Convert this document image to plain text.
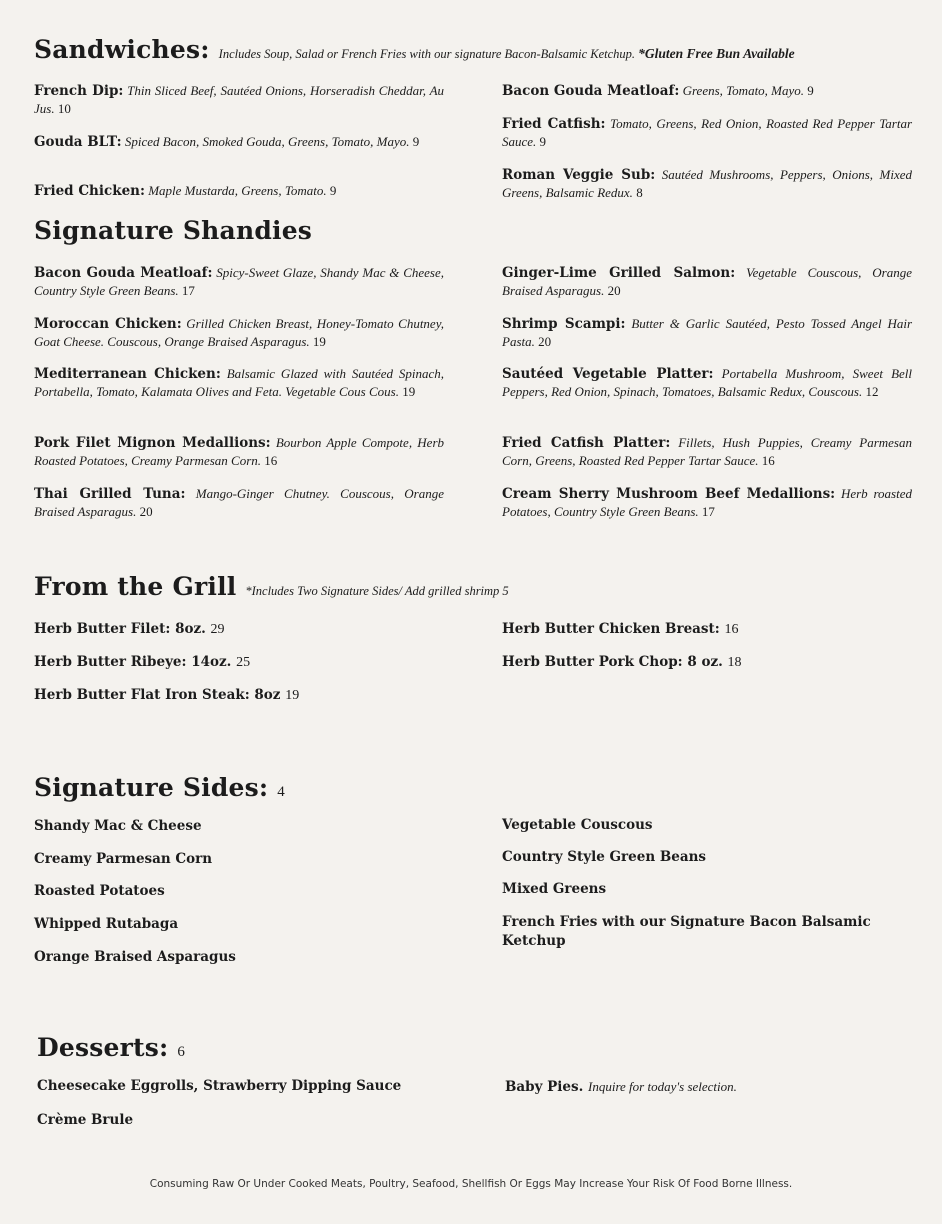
Sandwiches: Includes Soup, Salad or French Fries with our signature Bacon-Balsamic Ketchup. *Gluten Free Bun Available
French Dip: Thin Sliced Beef, Sautéed Onions, Horseradish Cheddar, Au Jus. 10
Gouda BLT: Spiced Bacon, Smoked Gouda, Greens, Tomato, Mayo. 9
Fried Chicken: Maple Mustarda, Greens, Tomato. 9
Bacon Gouda Meatloaf: Greens, Tomato, Mayo. 9
Fried Catfish: Tomato, Greens, Red Onion, Roasted Red Pepper Tartar Sauce. 9
Roman Veggie Sub: Sautéed Mushrooms, Peppers, Onions, Mixed Greens, Balsamic Redux. 8
Signature Shandies
Bacon Gouda Meatloaf: Spicy-Sweet Glaze, Shandy Mac & Cheese, Country Style Green Beans. 17
Moroccan Chicken: Grilled Chicken Breast, Honey-Tomato Chutney, Goat Cheese. Couscous, Orange Braised Asparagus. 19
Mediterranean Chicken: Balsamic Glazed with Sautéed Spinach, Portabella, Tomato, Kalamata Olives and Feta. Vegetable Cous Cous. 19
Pork Filet Mignon Medallions: Bourbon Apple Compote, Herb Roasted Potatoes, Creamy Parmesan Corn. 16
Thai Grilled Tuna: Mango-Ginger Chutney. Couscous, Orange Braised Asparagus. 20
Ginger-Lime Grilled Salmon: Vegetable Couscous, Orange Braised Asparagus. 20
Shrimp Scampi: Butter & Garlic Sautéed, Pesto Tossed Angel Hair Pasta. 20
Sautéed Vegetable Platter: Portabella Mushroom, Sweet Bell Peppers, Red Onion, Spinach, Tomatoes, Balsamic Redux, Couscous. 12
Fried Catfish Platter: Fillets, Hush Puppies, Creamy Parmesan Corn, Greens, Roasted Red Pepper Tartar Sauce. 16
Cream Sherry Mushroom Beef Medallions: Herb roasted Potatoes, Country Style Green Beans. 17
From the Grill *Includes Two Signature Sides/ Add grilled shrimp 5
Herb Butter Filet: 8oz. 29
Herb Butter Ribeye: 14oz. 25
Herb Butter Flat Iron Steak: 8oz 19
Herb Butter Chicken Breast: 16
Herb Butter Pork Chop: 8 oz. 18
Signature Sides: 4
Shandy Mac & Cheese
Creamy Parmesan Corn
Roasted Potatoes
Whipped Rutabaga
Orange Braised Asparagus
Vegetable Couscous
Country Style Green Beans
Mixed Greens
French Fries with our Signature Bacon Balsamic Ketchup
Desserts: 6
Cheesecake Eggrolls, Strawberry Dipping Sauce
Crème Brule
Baby Pies. Inquire for today's selection.
Consuming Raw Or Under Cooked Meats, Poultry, Seafood, Shellfish Or Eggs May Increase Your Risk Of Food Borne Illness.
